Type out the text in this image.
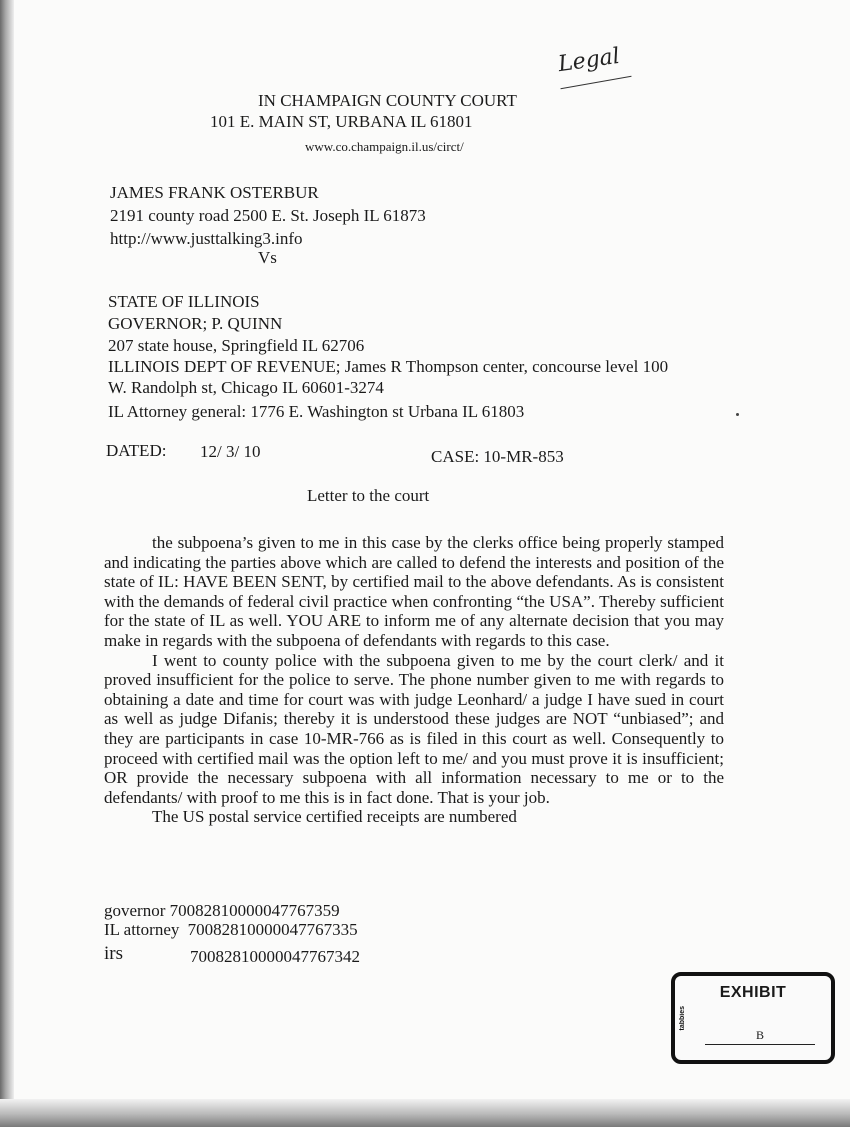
Legal
IN CHAMPAIGN COUNTY COURT
101 E. MAIN ST, URBANA IL 61801
www.co.champaign.il.us/circt/
JAMES FRANK OSTERBUR
2191 county road 2500 E. St. Joseph IL 61873
http://www.justtalking3.info
Vs
STATE OF ILLINOIS
GOVERNOR; P. QUINN
207 state house, Springfield IL 62706
ILLINOIS DEPT OF REVENUE; James R Thompson center, concourse level 100
W. Randolph st, Chicago IL 60601-3274
IL Attorney general: 1776 E. Washington st Urbana IL 61803
DATED: 12/ 3/ 10	CASE: 10-MR-853
Letter to the court

the subpoena’s given to me in this case by the clerks office being properly stamped and indicating the parties above which are called to defend the interests and position of the state of IL: HAVE BEEN SENT, by certified mail to the above defendants. As is consistent with the demands of federal civil practice when confronting “the USA”. Thereby sufficient for the state of IL as well. YOU ARE to inform me of any alternate decision that you may make in regards with the subpoena of defendants with regards to this case.

I went to county police with the subpoena given to me by the court clerk/ and it proved insufficient for the police to serve. The phone number given to me with regards to obtaining a date and time for court was with judge Leonhard/ a judge I have sued in court as well as judge Difanis; thereby it is understood these judges are NOT “unbiased”; and they are participants in case 10-MR-766 as is filed in this court as well. Consequently to proceed with certified mail was the option left to me/ and you must prove it is insufficient; OR provide the necessary subpoena with all information necessary to me or to the defendants/ with proof to me this is in fact done. That is your job.

The US postal service certified receipts are numbered

governor 70082810000047767359
IL attorney 70082810000047767335
irs	70082810000047767342
EXHIBIT
tabbies
B
